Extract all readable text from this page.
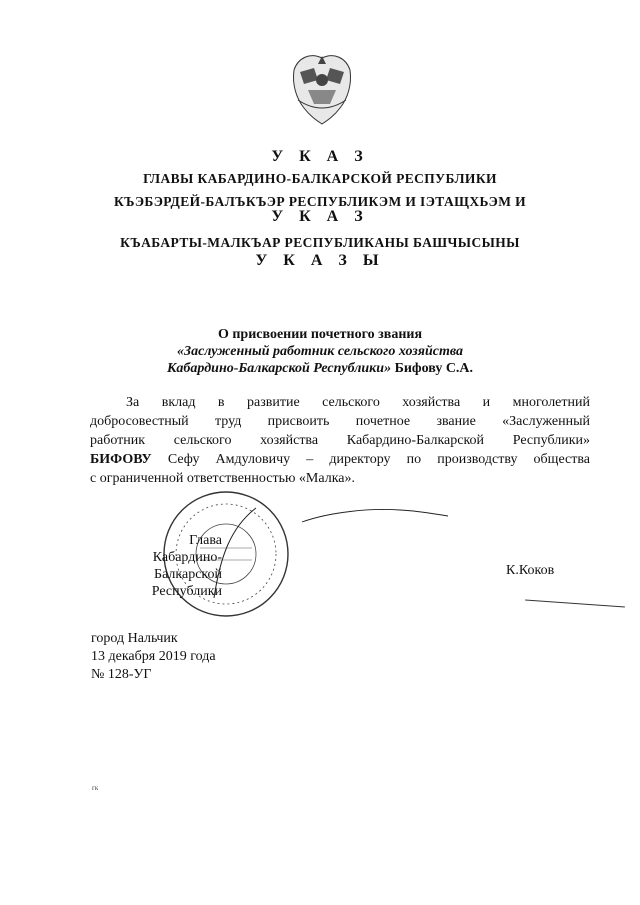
У К А З
ГЛАВЫ КАБАРДИНО-БАЛКАРСКОЙ РЕСПУБЛИКИ
КЪЭБЭРДЕЙ-БАЛЪКЪЭР РЕСПУБЛИКЭМ И ІЭТАЩХЬЭМ И
У К А З
КЪАБАРТЫ-МАЛКЪАР РЕСПУБЛИКАНЫ БАШЧЫСЫНЫ
У К А З Ы
О присвоении почетного звания
«Заслуженный работник сельского хозяйства
Кабардино-Балкарской Республики» Бифову С.А.
За вклад в развитие сельского хозяйства и многолетний
добросовестный труд присвоить почетное звание «Заслуженный
работник сельского хозяйства Кабардино-Балкарской Республики»
БИФОВУ Сефу Амдуловичу – директору по производству общества
с ограниченной ответственностью «Малка».
Глава
Кабардино-Балкарской
Республики
К.Коков
город Нальчик
13 декабря 2019 года
№ 128-УГ
гк
